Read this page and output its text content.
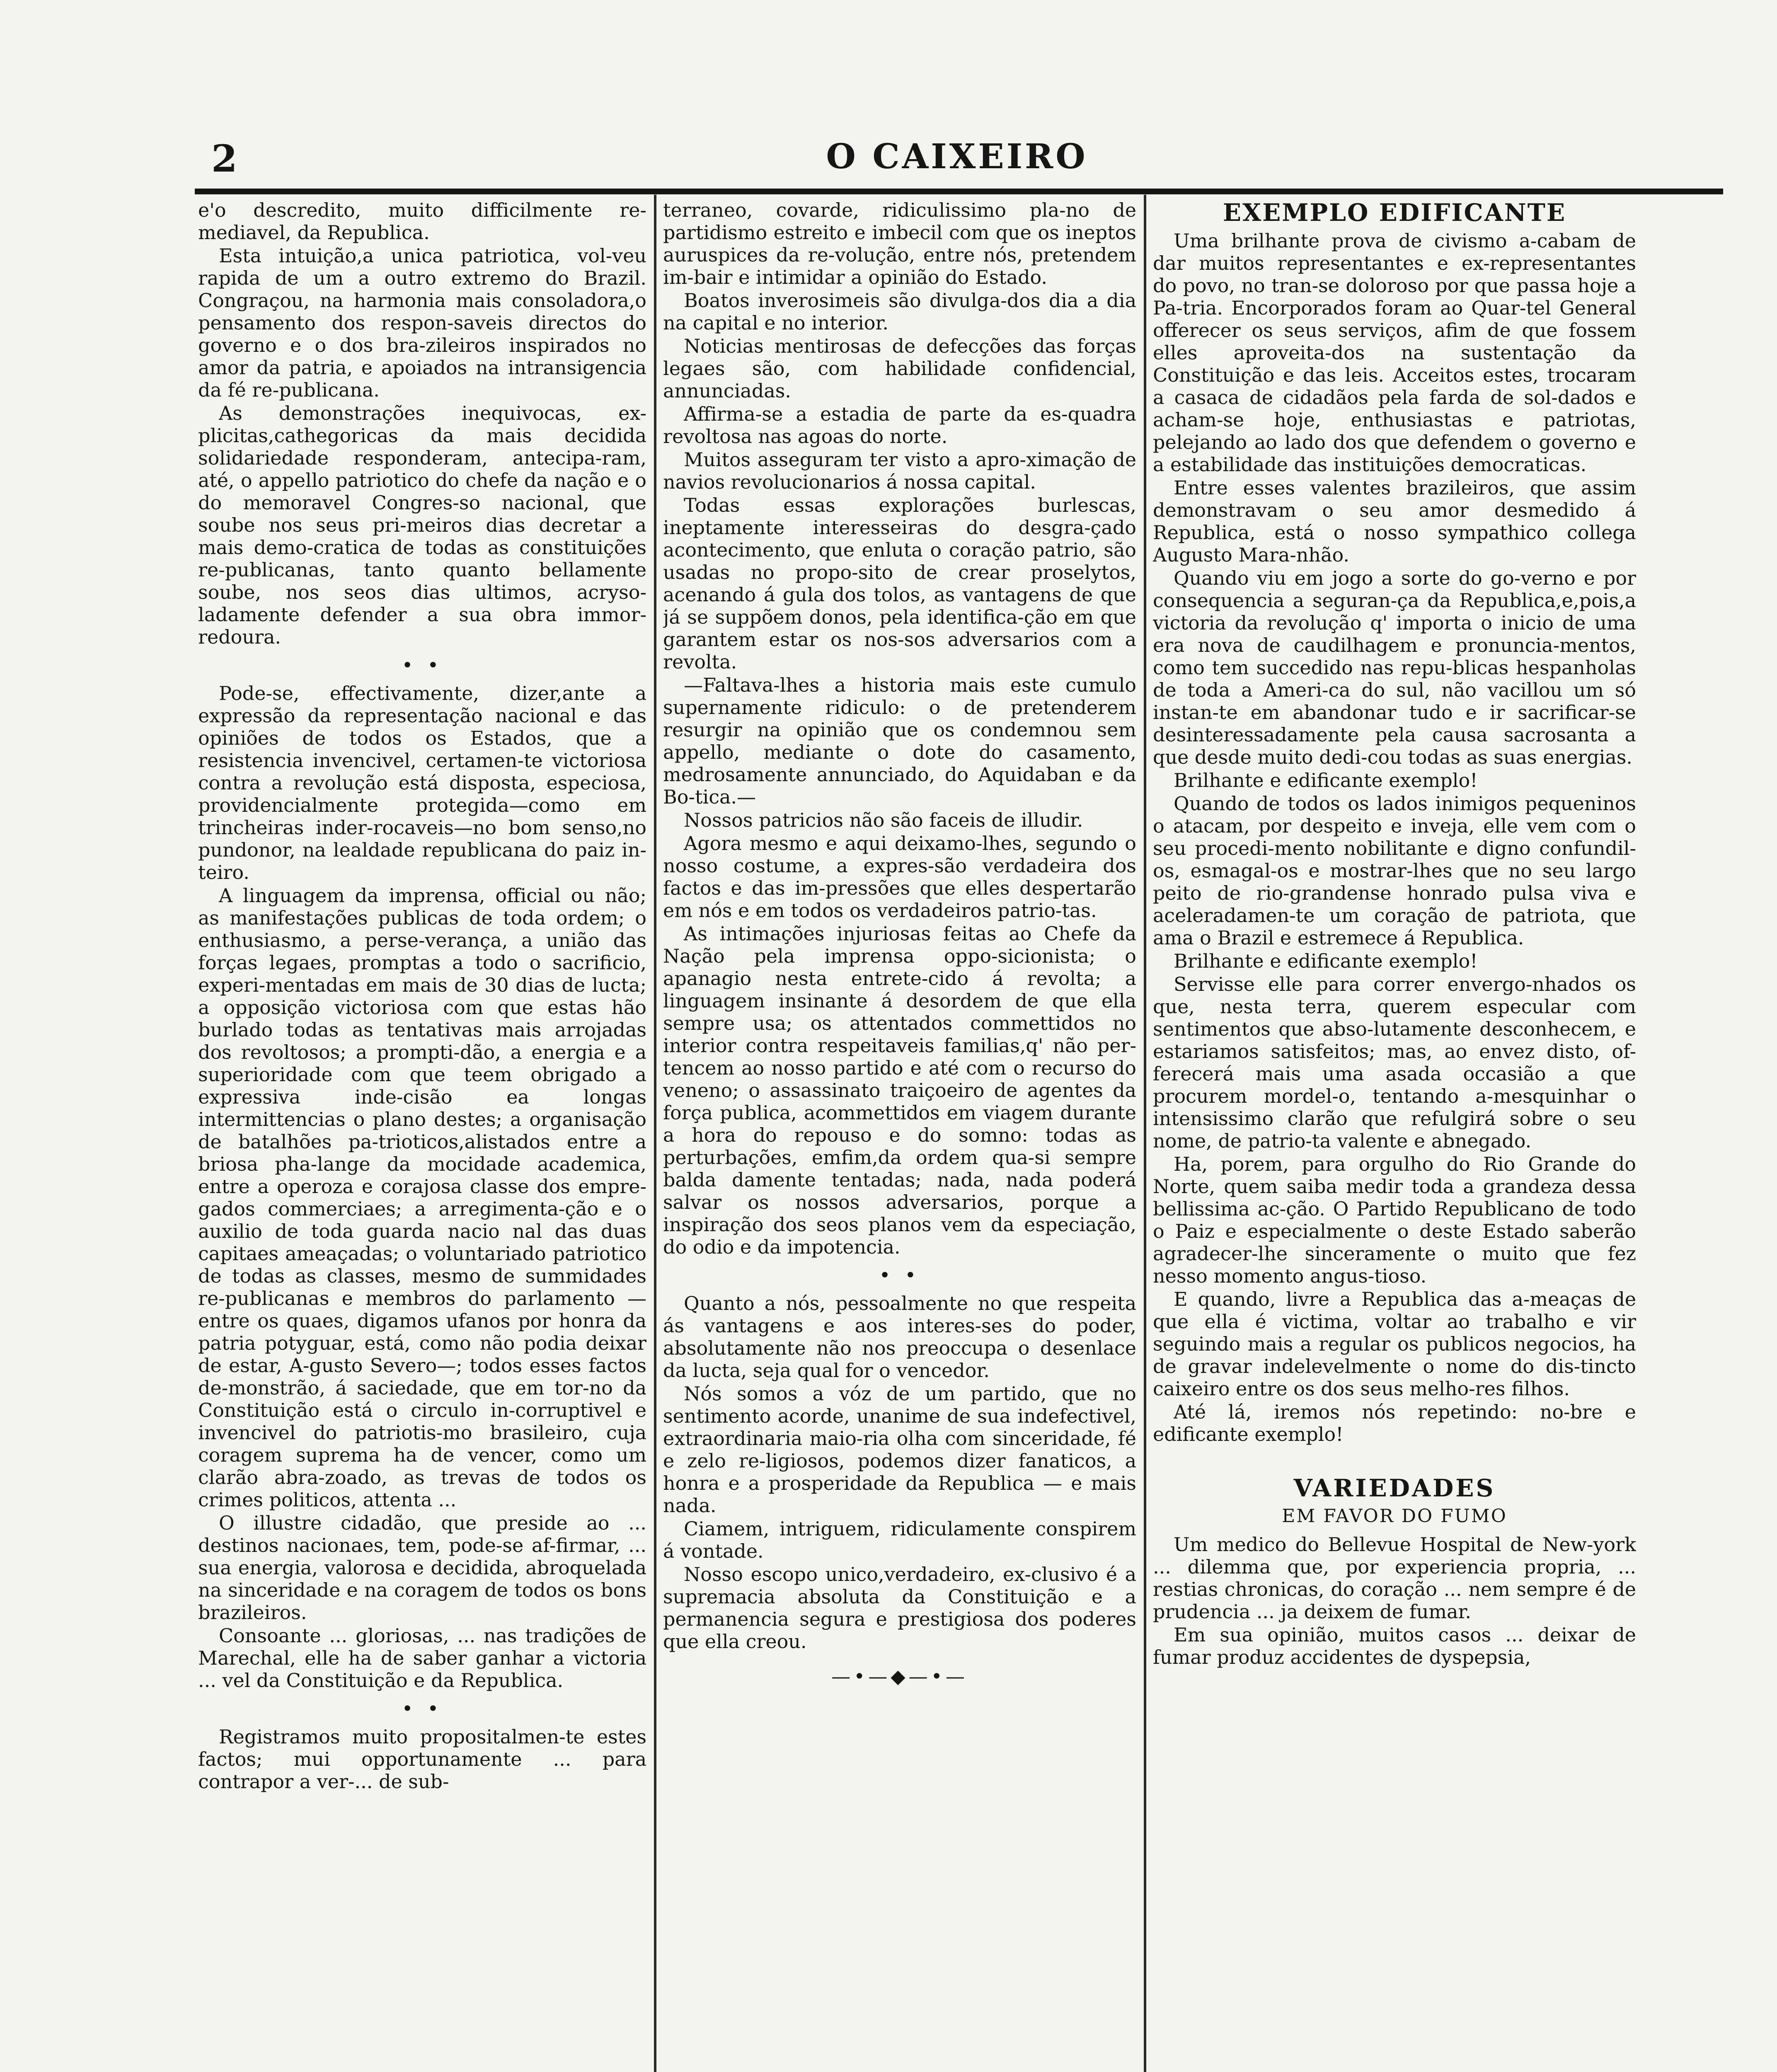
2	O CAIXEIRO

e'o descredito, muito difficilmente re-mediavel, da Republica.

Esta intuição,a unica patriotica, vol-veu rapida de um a outro extremo do Brazil. Congraçou, na harmonia mais consoladora,o pensamento dos respon-saveis directos do governo e o dos bra-zileiros inspirados no amor da patria, e apoiados na intransigencia da fé re-publicana.

As demonstrações inequivocas, ex-plicitas,cathegoricas da mais decidida solidariedade responderam, antecipa-ram, até, o appello patriotico do chefe da nação e o do memoravel Congres-so nacional, que soube nos seus pri-meiros dias decretar a mais demo-cratica de todas as constituições re-publicanas, tanto quanto bellamente soube, nos seos dias ultimos, acryso-ladamente defender a sua obra immor-redoura.

• •

Pode-se, effectivamente, dizer,ante a expressão da representação nacional e das opiniões de todos os Estados, que a resistencia invencivel, certamen-te victoriosa contra a revolução está disposta, especiosa, providencialmente protegida—como em trincheiras inder-rocaveis—no bom senso,no pundonor, na lealdade republicana do paiz in-teiro.

A linguagem da imprensa, official ou não; as manifestações publicas de toda ordem; o enthusiasmo, a perse-verança, a união das forças legaes, promptas a todo o sacrificio, experi-mentadas em mais de 30 dias de lucta; a opposição victoriosa com que estas hão burlado todas as tentativas mais arrojadas dos revoltosos; a prompti-dão, a energia e a superioridade com que teem obrigado a expressiva inde-cisão ea longas intermittencias o plano destes; a organisação de batalhões pa-trioticos,alistados entre a briosa pha-lange da mocidade academica, entre a operoza e corajosa classe dos empre-gados commerciaes; a arregimenta-ção e o auxilio de toda guarda nacio nal das duas capitaes ameaçadas; o voluntariado patriotico de todas as classes, mesmo de summidades re-publicanas e membros do parlamento —entre os quaes, digamos ufanos por honra da patria potyguar, está, como não podia deixar de estar, A-gusto Severo—; todos esses factos de-monstrão, á saciedade, que em tor-no da Constituição está o circulo in-corruptivel e invencivel do patriotis-mo brasileiro, cuja coragem suprema ha de vencer, como um clarão abra-zoado, as trevas de todos os crimes politicos, attenta ...

O illustre cidadão, que preside ao ... destinos nacionaes, tem, pode-se af-firmar, ... sua energia, valorosa e decidida, abroquelada na sinceridade e na coragem de todos os bons brazileiros.

Consoante ... gloriosas, ... nas tradições de Marechal, elle ha de saber ganhar a victoria ... vel da Constituição e da Republica.

• •

Registramos muito propositalmen-te estes factos; mui opportunamente ... para contrapor a ver-... de sub-

terraneo, covarde, ridiculissimo pla-no de partidismo estreito e imbecil com que os ineptos auruspices da re-volução, entre nós, pretendem im-bair e intimidar a opinião do Estado.

Boatos inverosimeis são divulga-dos dia a dia na capital e no interior.

Noticias mentirosas de defecções das forças legaes são, com habilidade confidencial, annunciadas.

Affirma-se a estadia de parte da es-quadra revoltosa nas agoas do norte.

Muitos asseguram ter visto a apro-ximação de navios revolucionarios á nossa capital.

Todas essas explorações burlescas, ineptamente interesseiras do desgra-çado acontecimento, que enluta o coração patrio, são usadas no propo-sito de crear proselytos, acenando á gula dos tolos, as vantagens de que já se suppõem donos, pela identifica-ção em que garantem estar os nos-sos adversarios com a revolta.

—Faltava-lhes a historia mais este cumulo supernamente ridiculo: o de pretenderem resurgir na opinião que os condemnou sem appello, mediante o dote do casamento, medrosamente annunciado, do Aquidaban e da Bo-tica.—

Nossos patricios não são faceis de illudir.

Agora mesmo e aqui deixamo-lhes, segundo o nosso costume, a expres-são verdadeira dos factos e das im-pressões que elles despertarão em nós e em todos os verdadeiros patrio-tas.

As intimações injuriosas feitas ao Chefe da Nação pela imprensa oppo-sicionista; o apanagio nesta entrete-cido á revolta; a linguagem insinante á desordem de que ella sempre usa; os attentados commettidos no interior contra respeitaveis familias,q' não per-tencem ao nosso partido e até com o recurso do veneno; o assassinato traiçoeiro de agentes da força publica, acommettidos em viagem durante a hora do repouso e do somno: todas as perturbações, emfim,da ordem qua-si sempre balda damente tentadas; nada, nada poderá salvar os nossos adversarios, porque a inspiração dos seos planos vem da especiação, do odio e da impotencia.

• •

Quanto a nós, pessoalmente no que respeita ás vantagens e aos interes-ses do poder, absolutamente não nos preoccupa o desenlace da lucta, seja qual for o vencedor.

Nós somos a vóz de um partido, que no sentimento acorde, unanime de sua indefectivel, extraordinaria maio-ria olha com sinceridade, fé e zelo re-ligiosos, podemos dizer fanaticos, a honra e a prosperidade da Republica — e mais nada.

Ciamem, intriguem, ridiculamente conspirem á vontade.

Nosso escopo unico,verdadeiro, ex-clusivo é a supremacia absoluta da Constituição e a permanencia segura e prestigiosa dos poderes que ella creou.

—•—◆—•—
EXEMPLO EDIFICANTE

Uma brilhante prova de civismo a-cabam de dar muitos representantes e ex-representantes do povo, no tran-se doloroso por que passa hoje a Pa-tria. Encorporados foram ao Quar-tel General offerecer os seus serviços, afim de que fossem elles aproveita-dos na sustentação da Constituição e das leis. Acceitos estes, trocaram a casaca de cidadãos pela farda de sol-dados e acham-se hoje, enthusiastas e patriotas, pelejando ao lado dos que defendem o governo e a estabilidade das instituições democraticas.

Entre esses valentes brazileiros, que assim demonstravam o seu amor desmedido á Republica, está o nosso sympathico collega Augusto Mara-nhão.

Quando viu em jogo a sorte do go-verno e por consequencia a seguran-ça da Republica,e,pois,a victoria da revolução q' importa o inicio de uma era nova de caudilhagem e pronuncia-mentos, como tem succedido nas repu-blicas hespanholas de toda a Ameri-ca do sul, não vacillou um só instan-te em abandonar tudo e ir sacrificar-se desinteressadamente pela causa sacrosanta a que desde muito dedi-cou todas as suas energias.

Brilhante e edificante exemplo!

Quando de todos os lados inimigos pequeninos o atacam, por despeito e inveja, elle vem com o seu procedi-mento nobilitante e digno confundil-os, esmagal-os e mostrar-lhes que no seu largo peito de rio-grandense honrado pulsa viva e aceleradamen-te um coração de patriota, que ama o Brazil e estremece á Republica.

Brilhante e edificante exemplo!

Servisse elle para correr envergo-nhados os que, nesta terra, querem especular com sentimentos que abso-lutamente desconhecem, e estariamos satisfeitos; mas, ao envez disto, of-ferecerá mais uma asada occasião a que procurem mordel-o, tentando a-mesquinhar o intensissimo clarão que refulgirá sobre o seu nome, de patrio-ta valente e abnegado.

Ha, porem, para orgulho do Rio Grande do Norte, quem saiba medir toda a grandeza dessa bellissima ac-ção. O Partido Republicano de todo o Paiz e especialmente o deste Estado saberão agradecer-lhe sinceramente o muito que fez nesso momento angus-tioso.

E quando, livre a Republica das a-meaças de que ella é victima, voltar ao trabalho e vir seguindo mais a regular os publicos negocios, ha de gravar indelevelmente o nome do dis-tincto caixeiro entre os dos seus melho-res filhos.

Até lá, iremos nós repetindo: no-bre e edificante exemplo!

VARIEDADES
EM FAVOR DO FUMO

Um medico do Bellevue Hospital de New-york ... dilemma que, por experiencia propria, ... restias chronicas, do coração ... nem sempre é de prudencia ... ja deixem de fumar.

Em sua opinião, muitos casos ... deixar de fumar produz accidentes de dyspepsia,
